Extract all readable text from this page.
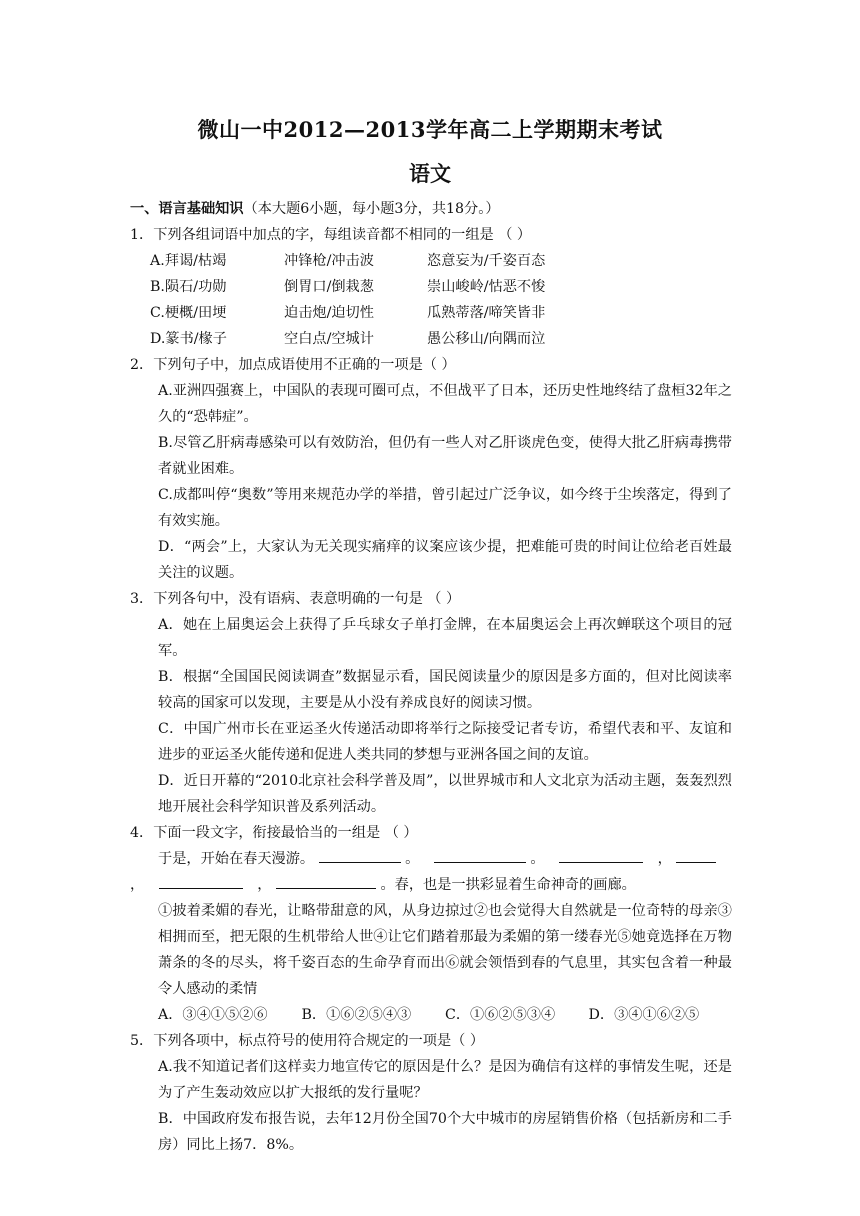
微山一中2012—2013学年高二上学期期末考试
语文
一、语言基础知识（本大题6小题，每小题3分，共18分。）
1．下列各组词语中加点的字，每组读音都不相同的一组是 （ ）
A.拜谒/枯竭	冲锋枪/冲击波	恣意妄为/千姿百态
B.陨石/功勋	倒胃口/倒栽葱	崇山峻岭/怙恶不悛
C.梗概/田埂	迫击炮/迫切性	瓜熟蒂落/啼笑皆非
D.篆书/椽子	空白点/空城计	愚公移山/向隅而泣
2．下列句子中，加点成语使用不正确的一项是（ ）
A.亚洲四强赛上，中国队的表现可圈可点，不但战平了日本，还历史性地终结了盘桓32年之久的“恐韩症”。
B.尽管乙肝病毒感染可以有效防治，但仍有一些人对乙肝谈虎色变，使得大批乙肝病毒携带者就业困难。
C.成都叫停“奥数”等用来规范办学的举措，曾引起过广泛争议，如今终于尘埃落定，得到了有效实施。
D．“两会”上，大家认为无关现实痛痒的议案应该少提，把难能可贵的时间让位给老百姓最关注的议题。
3．下列各句中，没有语病、表意明确的一句是 （ ）
A．她在上届奥运会上获得了乒乓球女子单打金牌，在本届奥运会上再次蝉联这个项目的冠军。
B．根据“全国国民阅读调查”数据显示看，国民阅读量少的原因是多方面的，但对比阅读率较高的国家可以发现，主要是从小没有养成良好的阅读习惯。
C．中国广州市长在亚运圣火传递活动即将举行之际接受记者专访，希望代表和平、友谊和进步的亚运圣火能传递和促进人类共同的梦想与亚洲各国之间的友谊。
D．近日开幕的“2010北京社会科学普及周”，以世界城市和人文北京为活动主题，轰轰烈烈地开展社会科学知识普及系列活动。
4．下面一段文字，衔接最恰当的一组是 （ ）
于是，开始在春天漫游。	。	。	，
，	，	。春，也是一拱彩显着生命神奇的画廊。
①披着柔媚的春光，让略带甜意的风，从身边掠过②也会觉得大自然就是一位奇特的母亲③相拥而至，把无限的生机带给人世④让它们踏着那最为柔媚的第一缕春光⑤她竟选择在万物萧条的冬的尽头，将千姿百态的生命孕育而出⑥就会领悟到春的气息里，其实包含着一种最令人感动的柔情
A．③④①⑤②⑥	B．①⑥②⑤④③	C．①⑥②⑤③④	D．③④①⑥②⑤
5．下列各项中，标点符号的使用符合规定的一项是（ ）
A.我不知道记者们这样卖力地宣传它的原因是什么？是因为确信有这样的事情发生呢，还是为了产生轰动效应以扩大报纸的发行量呢？
B．中国政府发布报告说，去年12月份全国70个大中城市的房屋销售价格（包括新房和二手房）同比上扬7．8%。
